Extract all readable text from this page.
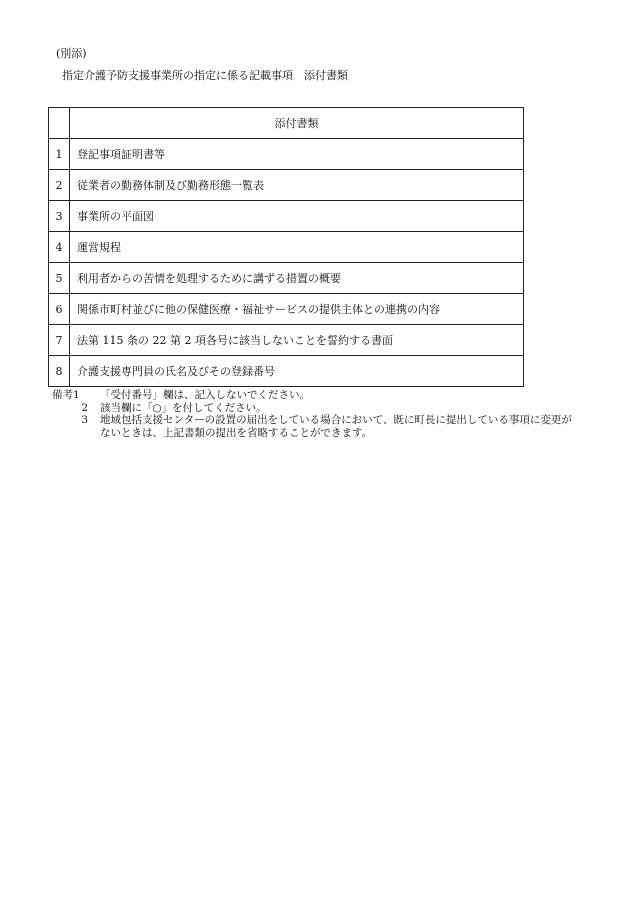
(別添)
指定介護予防支援事業所の指定に係る記載事項　添付書類
	添付書類
1	登記事項証明書等
2	従業者の勤務体制及び勤務形態一覧表
3	事業所の平面図
4	運営規程
5	利用者からの苦情を処理するために講ずる措置の概要
6	関係市町村並びに他の保健医療・福祉サービスの提供主体との連携の内容
7	法第 115 条の 22 第 2 項各号に該当しないことを誓約する書面
8	介護支援専門員の氏名及びその登録番号
備考1	「受付番号」欄は、記入しないでください。
2	該当欄に「○」を付してください。
3	地域包括支援センターの設置の届出をしている場合において、既に町長に提出している事項に変更がないときは、上記書類の提出を省略することができます。
